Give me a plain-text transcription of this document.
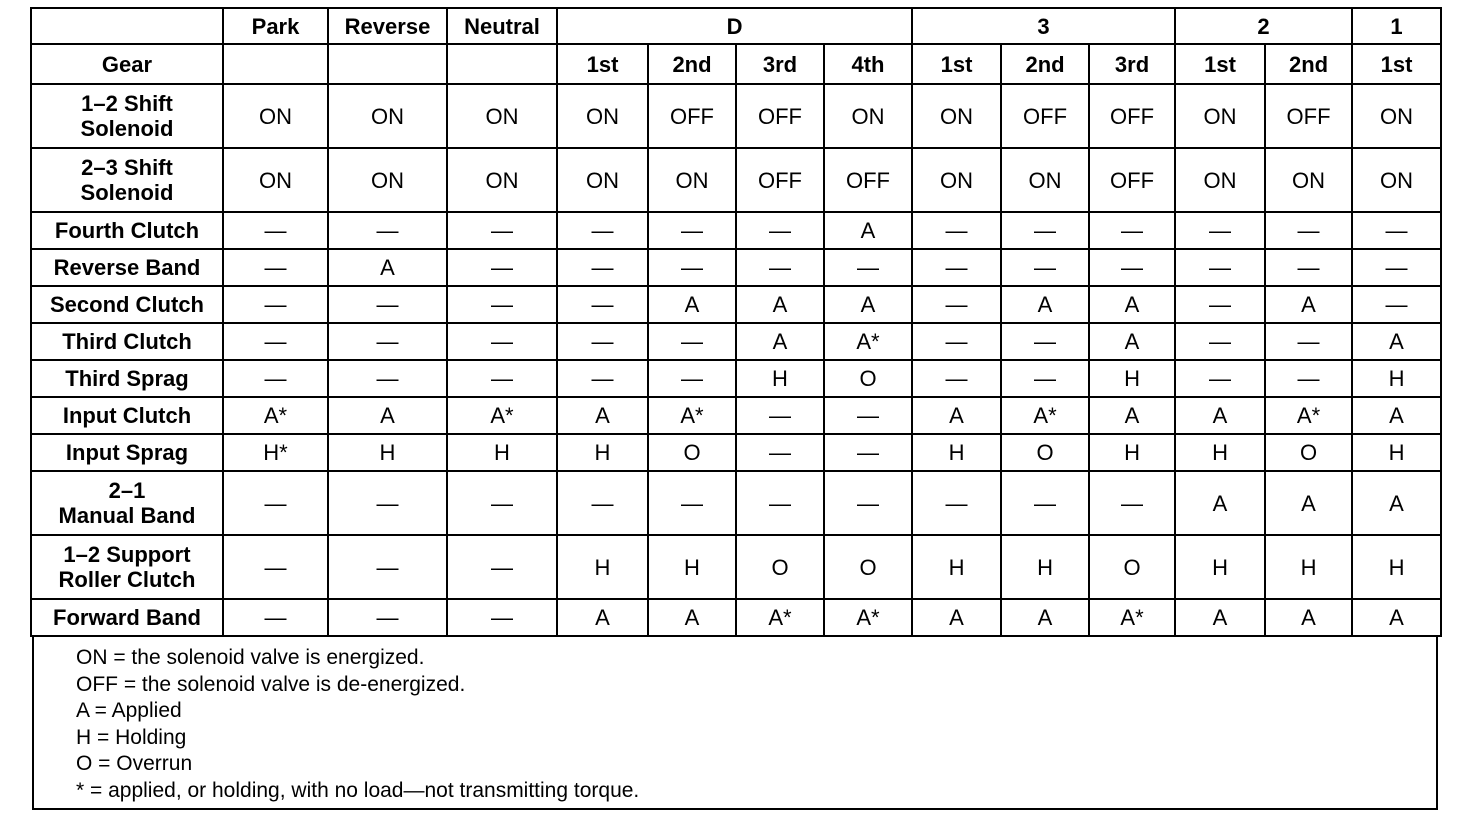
	Park	Reverse	Neutral	D				3			2		1
Gear				1st	2nd	3rd	4th	1st	2nd	3rd	1st	2nd	1st

1–2 Shift
Solenoid	ON	ON	ON	ON	OFF	OFF	ON	ON	OFF	OFF	ON	OFF	ON

2–3 Shift
Solenoid	ON	ON	ON	ON	ON	OFF	OFF	ON	ON	OFF	ON	ON	ON

Fourth Clutch	—	—	—	—	—	—	A	—	—	—	—	—	—

Reverse Band	—	A	—	—	—	—	—	—	—	—	—	—	—

Second Clutch	—	—	—	—	A	A	A	—	A	A	—	A	—

Third Clutch	—	—	—	—	—	A	A*	—	—	A	—	—	A

Third Sprag	—	—	—	—	—	H	O	—	—	H	—	—	H

Input Clutch	A*	A	A*	A	A*	—	—	A	A*	A	A	A*	A

Input Sprag	H*	H	H	H	O	—	—	H	O	H	H	O	H

2–1
Manual Band	—	—	—	—	—	—	—	—	—	—	A	A	A

1–2 Support
Roller Clutch	—	—	—	H	H	O	O	H	H	O	H	H	H

Forward Band	—	—	—	A	A	A*	A*	A	A	A*	A	A	A
ON = the solenoid valve is energized.
OFF = the solenoid valve is de-energized.
A = Applied
H = Holding
O = Overrun
* = applied, or holding, with no load—not transmitting torque.
